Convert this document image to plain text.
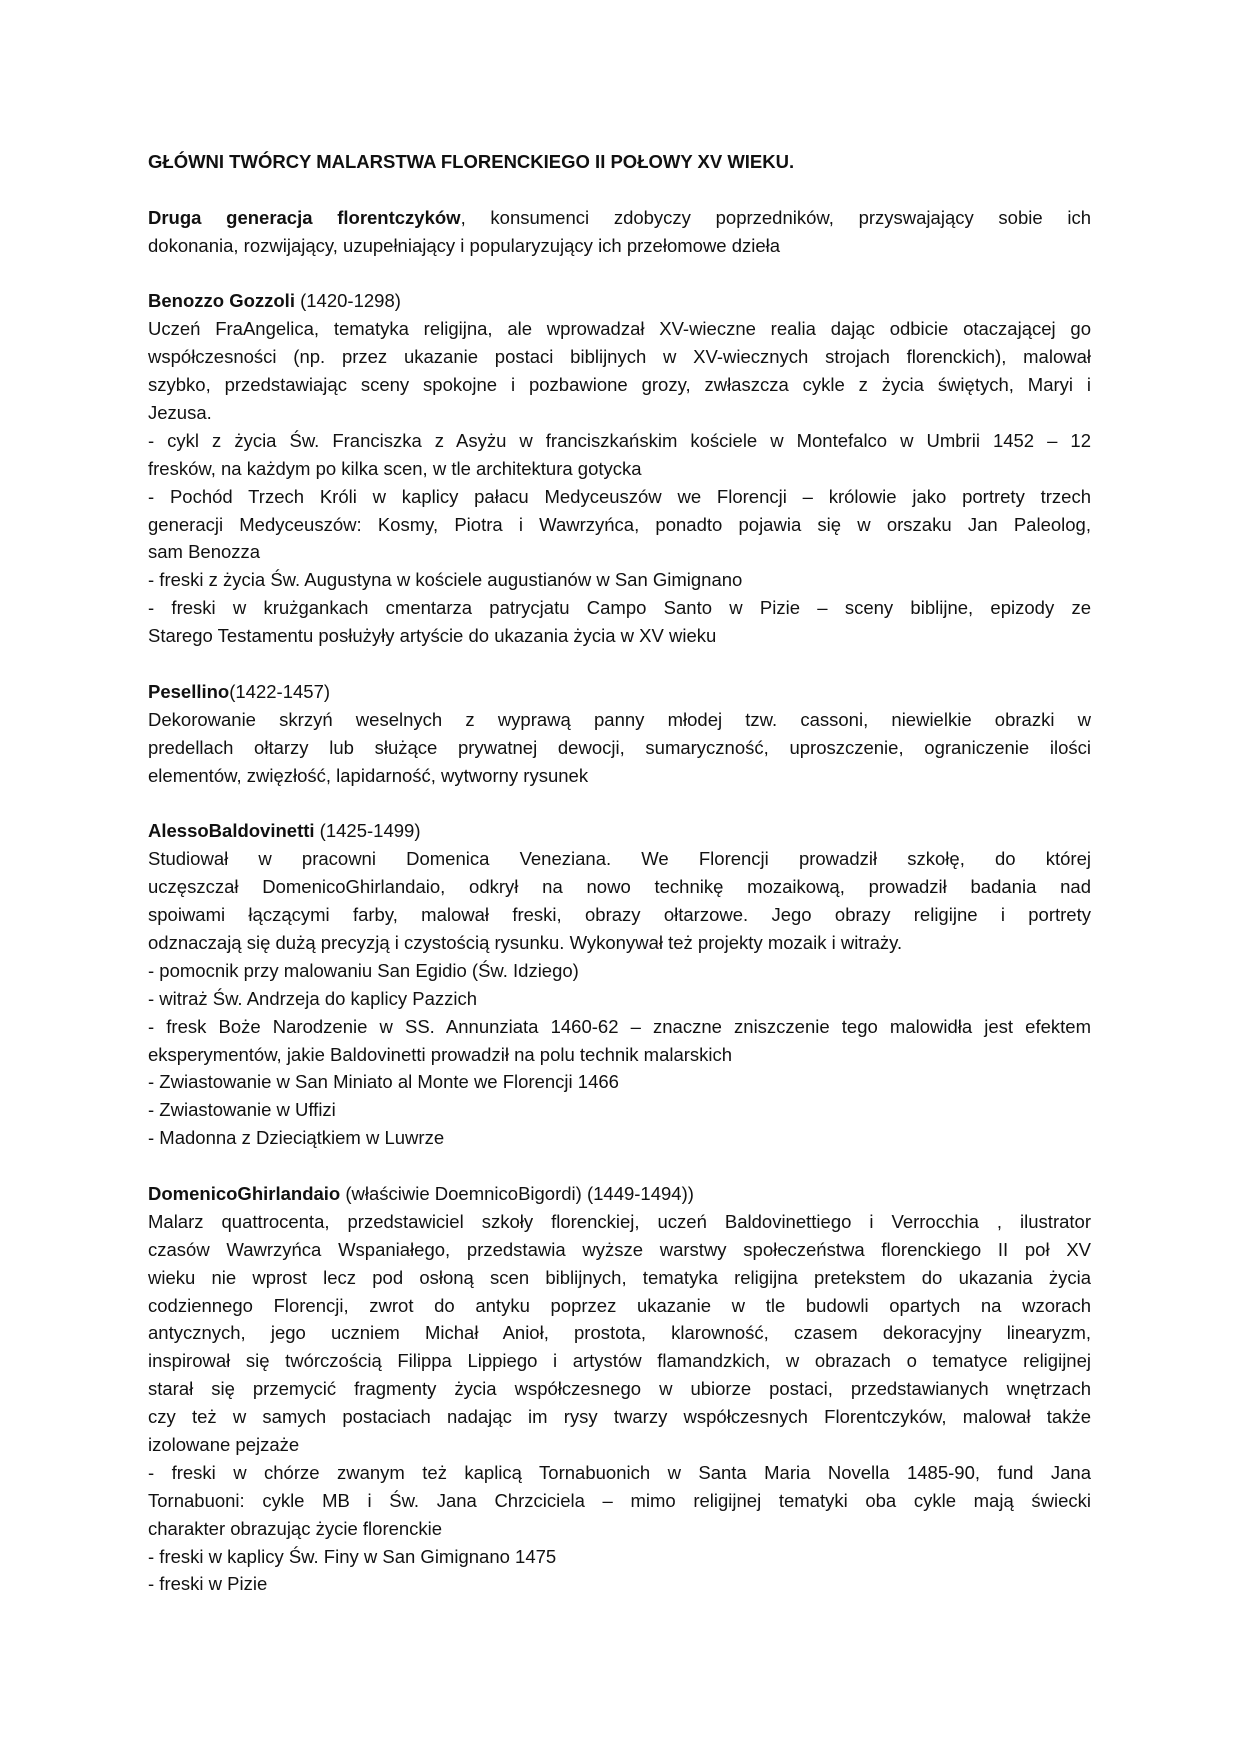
GŁÓWNI TWÓRCY MALARSTWA FLORENCKIEGO II POŁOWY XV WIEKU.
Druga generacja florentczyków, konsumenci zdobyczy poprzedników, przyswajający sobie ich
dokonania, rozwijający, uzupełniający i popularyzujący ich przełomowe dzieła
Benozzo Gozzoli (1420-1298)
Uczeń FraAngelica, tematyka religijna, ale wprowadzał XV-wieczne realia dając odbicie otaczającej go
współczesności (np. przez ukazanie postaci biblijnych w XV-wiecznych strojach florenckich), malował
szybko, przedstawiając sceny spokojne i pozbawione grozy, zwłaszcza cykle z życia świętych, Maryi i
Jezusa.
- cykl z życia Św. Franciszka z Asyżu w franciszkańskim kościele w Montefalco w Umbrii 1452 – 12
fresków, na każdym po kilka scen, w tle architektura gotycka
- Pochód Trzech Króli w kaplicy pałacu Medyceuszów we Florencji – królowie jako portrety trzech
generacji Medyceuszów: Kosmy, Piotra i Wawrzyńca, ponadto pojawia się w orszaku Jan Paleolog,
sam Benozza
- freski z życia Św. Augustyna w kościele augustianów w San Gimignano
- freski w krużgankach cmentarza patrycjatu Campo Santo w Pizie – sceny biblijne, epizody ze
Starego Testamentu posłużyły artyście do ukazania życia w XV wieku
Pesellino(1422-1457)
Dekorowanie skrzyń weselnych z wyprawą panny młodej tzw. cassoni, niewielkie obrazki w
predellach ołtarzy lub służące prywatnej dewocji, sumaryczność, uproszczenie, ograniczenie ilości
elementów, zwięzłość, lapidarność, wytworny rysunek
AlessoBaldovinetti (1425-1499)
Studiował w pracowni Domenica Veneziana. We Florencji prowadził szkołę, do której
uczęszczał DomenicoGhirlandaio, odkrył na nowo technikę mozaikową, prowadził badania nad
spoiwami łączącymi farby, malował freski, obrazy ołtarzowe. Jego obrazy religijne i portrety
odznaczają się dużą precyzją i czystością rysunku. Wykonywał też projekty mozaik i witraży.
- pomocnik przy malowaniu San Egidio (Św. Idziego)
- witraż Św. Andrzeja do kaplicy Pazzich
- fresk Boże Narodzenie w SS. Annunziata 1460-62 – znaczne zniszczenie tego malowidła jest efektem
eksperymentów, jakie Baldovinetti prowadził na polu technik malarskich
- Zwiastowanie w San Miniato al Monte we Florencji 1466
- Zwiastowanie w Uffizi
- Madonna z Dzieciątkiem w Luwrze
DomenicoGhirlandaio (właściwie DoemnicoBigordi) (1449-1494))
Malarz quattrocenta, przedstawiciel szkoły florenckiej, uczeń Baldovinettiego i Verrocchia , ilustrator
czasów Wawrzyńca Wspaniałego, przedstawia wyższe warstwy społeczeństwa florenckiego II poł XV
wieku nie wprost lecz pod osłoną scen biblijnych, tematyka religijna pretekstem do ukazania życia
codziennego Florencji, zwrot do antyku poprzez ukazanie w tle budowli opartych na wzorach
antycznych, jego uczniem Michał Anioł, prostota, klarowność, czasem dekoracyjny linearyzm,
inspirował się twórczością Filippa Lippiego i artystów flamandzkich, w obrazach o tematyce religijnej
starał się przemycić fragmenty życia współczesnego w ubiorze postaci, przedstawianych wnętrzach
czy też w samych postaciach nadając im rysy twarzy współczesnych Florentczyków, malował także
izolowane pejzaże
- freski w chórze zwanym też kaplicą Tornabuonich w Santa Maria Novella 1485-90, fund Jana
Tornabuoni: cykle MB i Św. Jana Chrzciciela – mimo religijnej tematyki oba cykle mają świecki
charakter obrazując życie florenckie
- freski w kaplicy Św. Finy w San Gimignano 1475
- freski w Pizie
